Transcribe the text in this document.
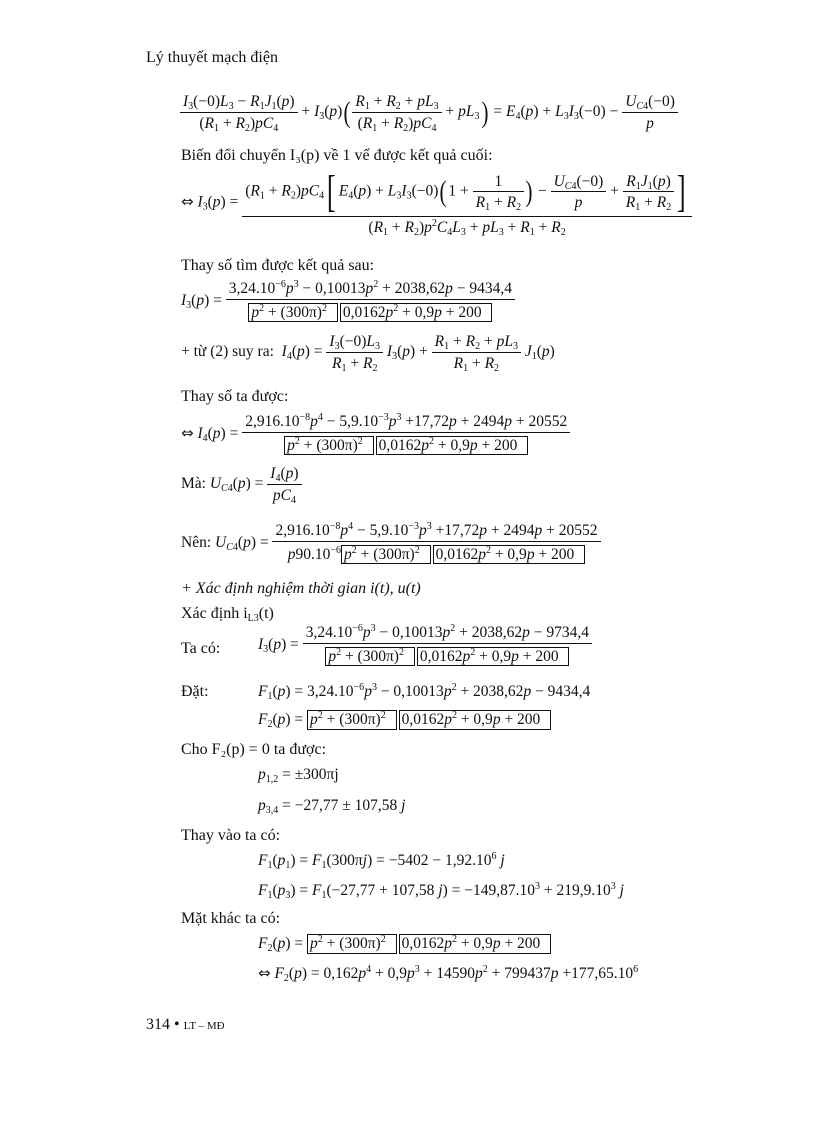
Lý thuyết mạch điện
$\frac{I_3(-0)L_3 - R_1J_1(p)}{(R_1 + R_2)pC_4} + I_3(p)( \frac{R_1 + R_2 + pL_3}{(R_1 + R_2)pC_4} + pL_3) = E_4(p) + L_3I_3(-0) - \frac{U_{C4}(-0)}{p}$
Biến đổi chuyển I₃(p) về 1 vế được kết quả cuối:
⇔ $I_3(p)$ =
$(R_1 + R_2)pC_4$[ $E_4(p) + L_3I_3(-0)(1 + \frac{1}{R_1 + R_2}$ ) − $\frac{U_{C4}(-0)}{p} + \frac{R_1J_1(p)}{R_1 + R_2}$ ]
$(R_1 + R_2)p^2C_4L_3 + pL_3 + R_1 + R_2$
Thay số tìm được kết quả sau:
$I_3(p) = \frac{3,24.10^{-6}p^3 - 0,10013p^2 + 2038,62p - 9434,4}{p^2 + (300\pi)^2 0,0162p^2 + 0,9p + 200}$
+ từ (2) suy ra: $I_4(p) = \frac{I_3(-0)L_3}{R_1 + R_2} I_3(p) + \frac{R_1 + R_2 + pL_3}{R_1 + R_2} J_1(p)$
Thay số ta được:
⇔ $I_4(p) = \frac{2,916.10^{-8}p^4 - 5,9.10^{-3}p^3 +17,72p + 2494p + 20552}{p^2 + (300\pi)^2 0,0162p^2 + 0,9p + 200}$
Mà: $U_{C4}(p) = \frac{I_4(p)}{pC_4}$
Nên: $U_{C4}(p) = \frac{2,916.10^{-8}p^4 - 5,9.10^{-3}p^3 +17,72p + 2494p + 20552}{p90.10^{-6} p^2 + (300\pi)^2 0,0162p^2 + 0,9p + 200}$
+ Xác định nghiệm thời gian i(t), u(t)
Xác định $i_{L3}(t)$
Ta có: $I_3(p) = \frac{3,24.10^{-6}p^3 - 0,10013p^2 + 2038,62p - 9734,4}{p^2 + (300\pi)^2 0,0162p^2 + 0,9p + 200}$
Đặt:	$F_1(p) = 3,24.10^{-6}p^3 - 0,10013p^2 + 2038,62p - 9434,4$
$F_2(p) = p^2 + (300\pi)^2$ $0,0162p^2 + 0,9p + 200$
Cho F₂(p) = 0 ta được:
$p_{1,2} = \pm 300\pi j$
$p_{3,4} = -27,77 \pm 107,58$ j
Thay vào ta có:
$F_1(p_1) = F_1(300\pi j) = -5402 - 1,92.10^6$ j
$F_1(p_3) = F_1(-27,77 + 107,58$ $j) = -149,87.10^3 + 219,9.10^3$ j
Mặt khác ta có:
$F_2(p) = p^2 + (300\pi)^2$ $0,0162p^2 + 0,9p + 200$
⇔ $F_2(p) = 0,162p^4 + 0,9p^3 + 14590p^2 + 799437p +177,65.10^6$
314 • LT – MĐ
